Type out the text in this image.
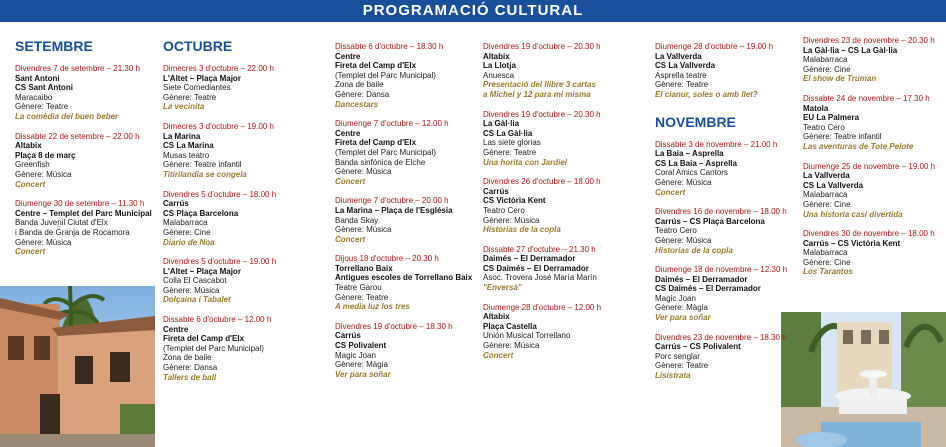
PROGRAMACIÓ CULTURAL
SETEMBRE
Divendres 7 de setembre – 21.30 h
Sant Antoni
CS Sant Antoni
Maracaibo
Gènere: Teatre
La comèdia del buen beber
Dissabte 22 de setembre – 22.00 h
Altabix
Plaça 8 de març
Greenfish
Gènere: Música
Concert
Diumenge 30 de setembre – 11.30 h
Centre – Templet del Parc Municipal
Banda Juvenil Ciutat d'Elx
i Banda de Granja de Rocamora
Gènere: Música
Concert
OCTUBRE
Dimecres 3 d'octubre – 22.00 h
L'Altet – Plaça Major
Siete Comediantes
Gènere: Teatre
La vecinita
Dimecres 3 d'octubre – 19.00 h
La Marina
CS La Marina
Musas teatro
Gènere: Teatre infantil
Titirilandia se congela
Divendres 5 d'octubre – 18.00 h
Carrús
CS Plaça Barcelona
Malabarraca
Gènere: Cine
Diario de Noa
Divendres 5 d'octubre – 19.00 h
L'Altet – Plaça Major
Colla El Cascabot
Gènere: Música
Dolçaina i Tabalet
Dissabte 6 d'octubre – 12.00 h
Centre
Fireta del Camp d'Elx
(Templet del Parc Municipal)
Zona de baile
Gènere: Dansa
Tallers de ball
Dissabte 6 d'octubre – 18.30 h
Centre
Fireta del Camp d'Elx
(Templet del Parc Municipal)
Zona de baile
Gènere: Dansa
Dancestars
Diumenge 7 d'octubre – 12.00 h
Centre
Fireta del Camp d'Elx
(Templet del Parc Municipal)
Banda sinfónica de Elche
Gènere: Música
Concert
Diumenge 7 d'octubre – 20.00 h
La Marina – Plaça de l'Església
Banda Skay
Gènere: Música
Concert
Dijous 18 d'octubre – 20.30 h
Torrellano Baix
Antigues escoles de Torrellano Baix
Teatre Garou
Gènere: Teatre
A media luz los tres
Divendres 19 d'octubre – 18.30 h
Carrús
CS Polivalent
Magic Joan
Gènere: Màgia
Ver para soñar
Divendres 19 d'octubre – 20.30 h
Altabix
La Llotja
Anuesca
Presentació del llibre 3 cartas
a Michel y 12 para mi misma
Divendres 19 d'octubre – 20.30 h
La Gàl·lia
CS La Gàl·lia
Las siete glorias
Gènere: Teatre
Una horita con Jardiel
Divendres 26 d'octubre – 18.00 h
Carrús
CS Victòria Kent
Teatro Cero
Gènere: Música
Historias de la copla
Dissabte 27 d'octubre – 21.30 h
Daimés – El Derramador
CS Daimés – El Derramador
Asoc. Trovera José María Marín
"Enversà"
Diumenge 28 d'octubre – 12.00 h
Altabix
Plaça Castella
Unión Musical Torrellano
Gènere: Música
Concert
Diumenge 28 d'octubre – 19.00 h
La Vallverda
CS La Vallverda
Asprella teatre
Gènere: Teatre
El cianur, soles o amb llet?
NOVEMBRE
Dissabte 3 de novembre – 21.00 h
La Baia – Asprella
CS La Baia – Asprella
Coral Amics Cantors
Gènere: Música
Concert
Divendres 16 de novembre – 18.00 h
Carrús – CS Plaça Barcelona
Teatro Cero
Gènere: Música
Historias de la copla
Diumenge 18 de novembre – 12.30 h
Daimés – El Derramador
CS Daimés – El Derramador
Magic Joan
Gènere: Màgia
Ver para soñar
Divendres 23 de novembre – 18.30 h
Carrús – CS Polivalent
Porc senglar
Gènere: Teatre
Lisístrata
Divendres 23 de novembre – 20.30 h
La Gàl·lia – CS La Gàl·lia
Malabarraca
Gènere: Cine
El show de Truman
Dissabte 24 de novembre – 17.30 h
Matola
EU La Palmera
Teatro Cero
Gènere: Teatre infantil
Las aventuras de Tote Pelote
Diumenge 25 de novembre – 19.00 h
La Vallverda
CS La Vallverda
Malabarraca
Gènere: Cine
Una historia casi divertida
Divendres 30 de novembre – 18.00 h
Carrús – CS Victòria Kent
Malabarraca
Gènere: Cine
Los Tarantos
